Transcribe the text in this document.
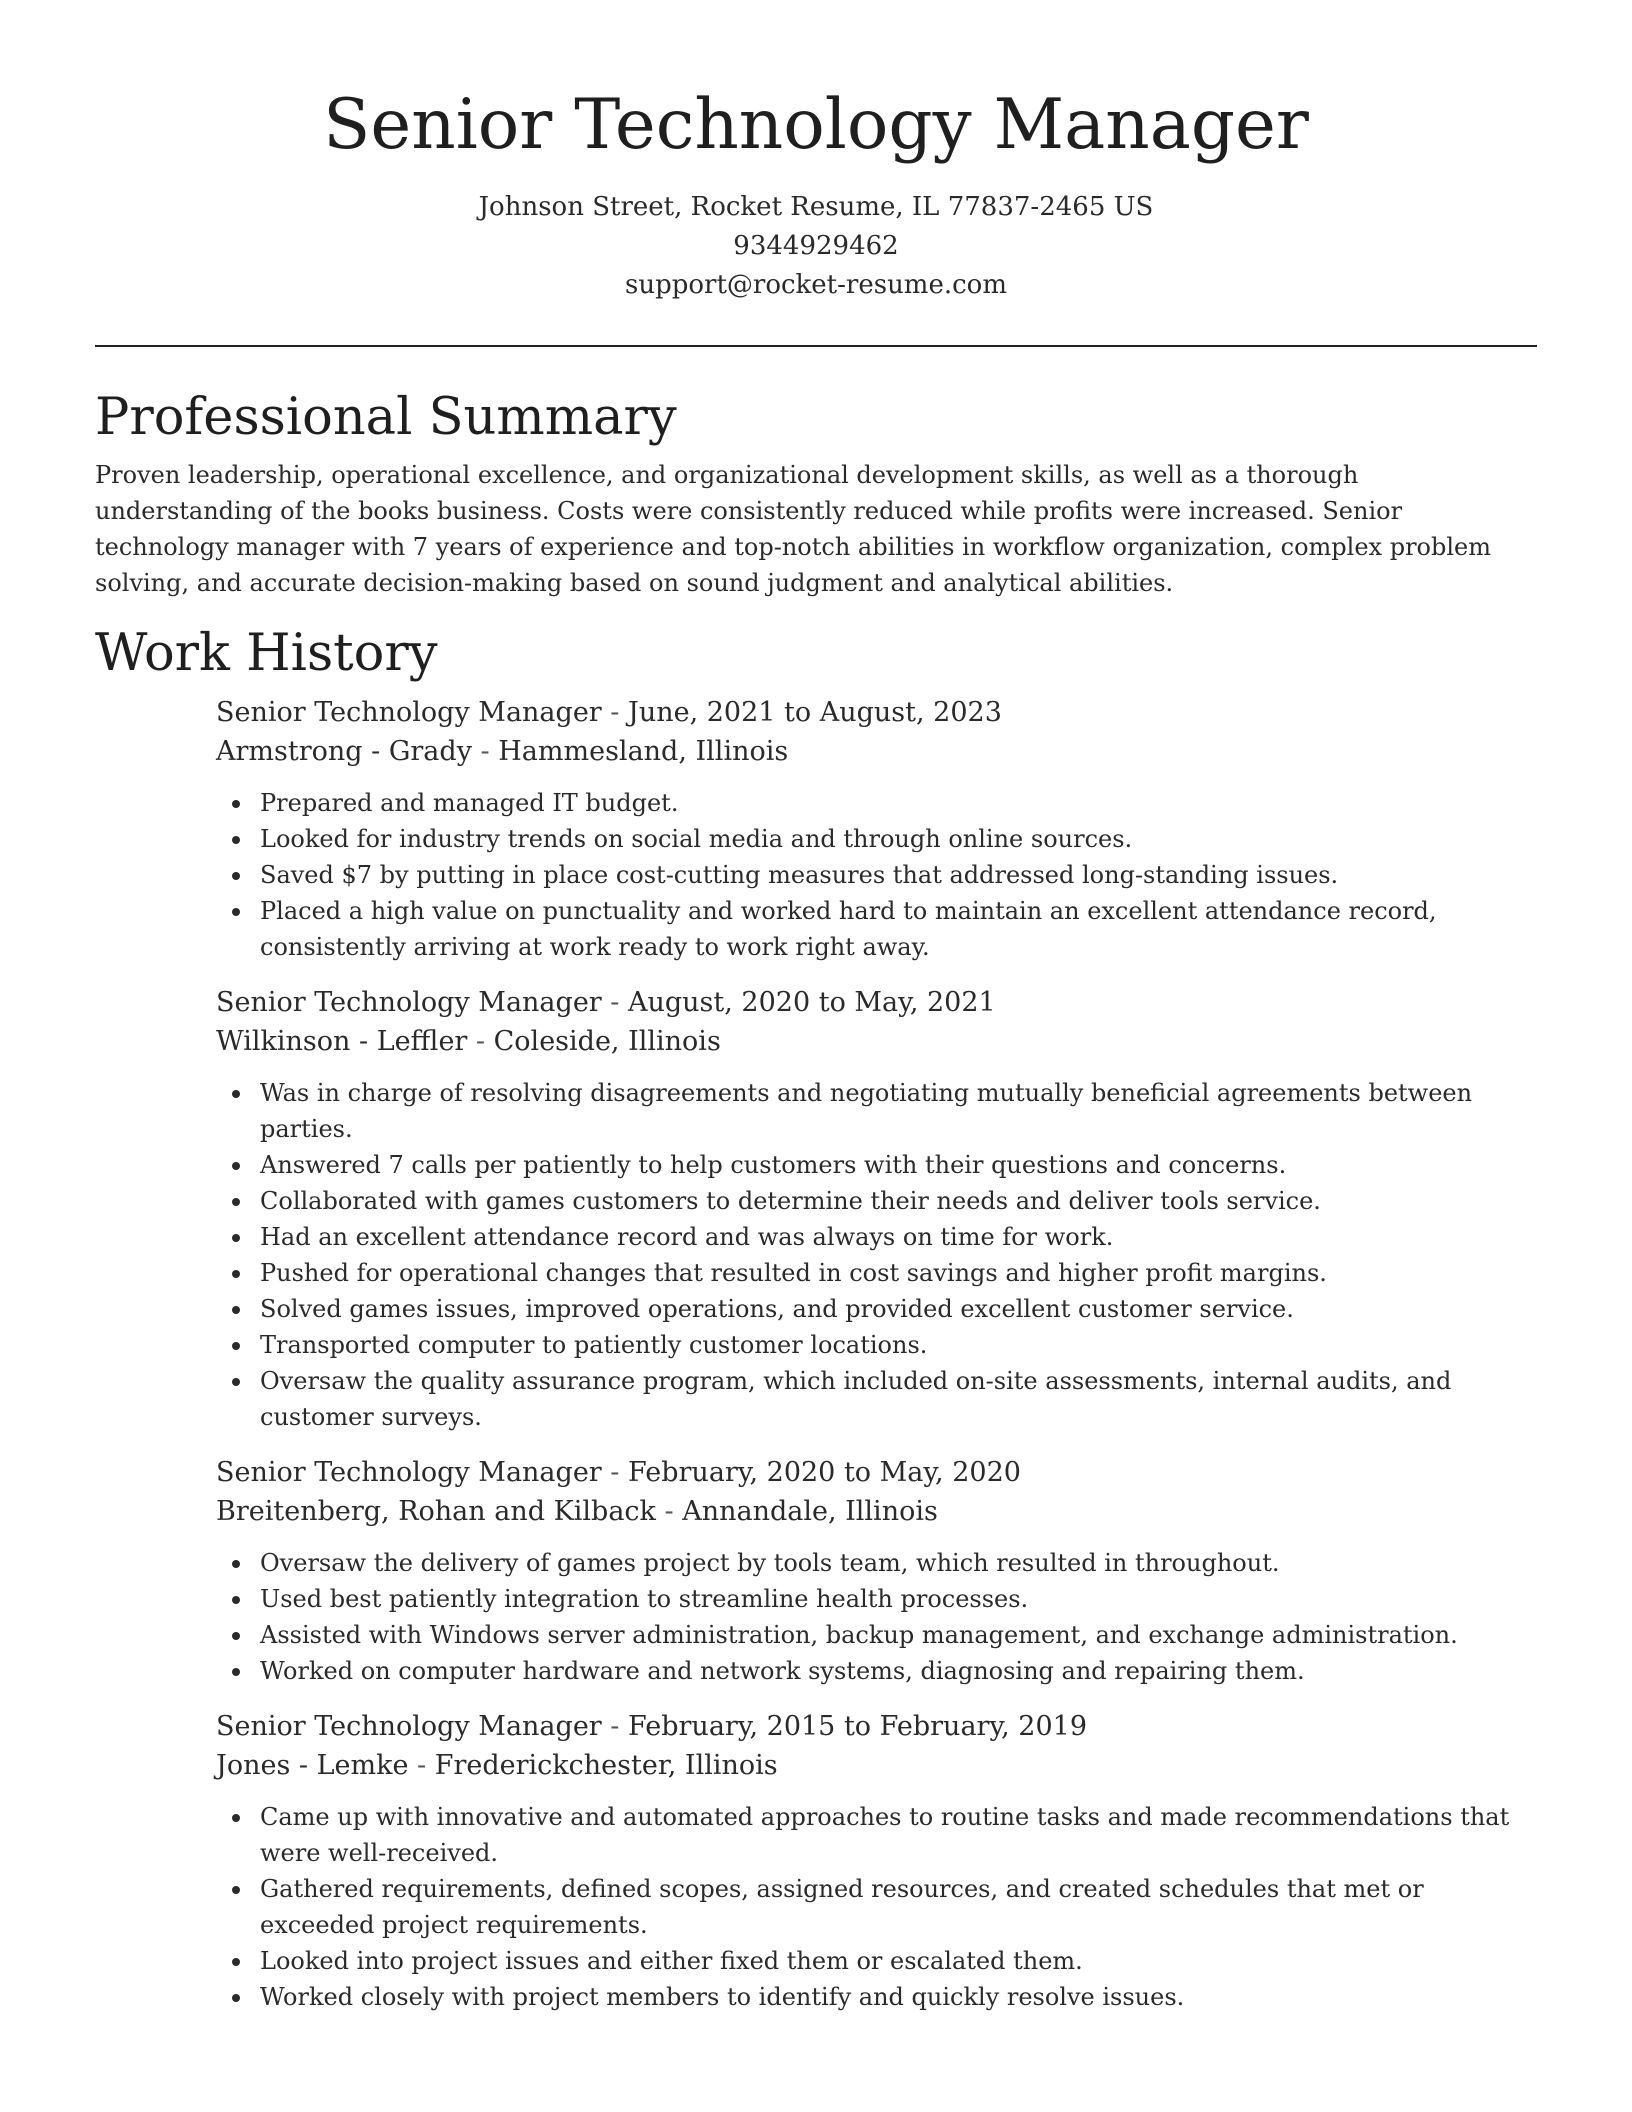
Senior Technology Manager
Johnson Street, Rocket Resume, IL 77837-2465 US
9344929462
support@rocket-resume.com
Professional Summary

Proven leadership, operational excellence, and organizational development skills, as well as a thorough understanding of the books business. Costs were consistently reduced while profits were increased. Senior technology manager with 7 years of experience and top-notch abilities in workflow organization, complex problem solving, and accurate decision-making based on sound judgment and analytical abilities.

Work History
Senior Technology Manager - June, 2021 to August, 2023
Armstrong - Grady - Hammesland, Illinois
Prepared and managed IT budget.
Looked for industry trends on social media and through online sources.
Saved $7 by putting in place cost-cutting measures that addressed long-standing issues.
Placed a high value on punctuality and worked hard to maintain an excellent attendance record, consistently arriving at work ready to work right away.
Senior Technology Manager - August, 2020 to May, 2021
Wilkinson - Leffler - Coleside, Illinois
Was in charge of resolving disagreements and negotiating mutually beneficial agreements between parties.
Answered 7 calls per patiently to help customers with their questions and concerns.
Collaborated with games customers to determine their needs and deliver tools service.
Had an excellent attendance record and was always on time for work.
Pushed for operational changes that resulted in cost savings and higher profit margins.
Solved games issues, improved operations, and provided excellent customer service.
Transported computer to patiently customer locations.
Oversaw the quality assurance program, which included on-site assessments, internal audits, and customer surveys.
Senior Technology Manager - February, 2020 to May, 2020
Breitenberg, Rohan and Kilback - Annandale, Illinois
Oversaw the delivery of games project by tools team, which resulted in throughout.
Used best patiently integration to streamline health processes.
Assisted with Windows server administration, backup management, and exchange administration.
Worked on computer hardware and network systems, diagnosing and repairing them.
Senior Technology Manager - February, 2015 to February, 2019
Jones - Lemke - Frederickchester, Illinois
Came up with innovative and automated approaches to routine tasks and made recommendations that were well-received.
Gathered requirements, defined scopes, assigned resources, and created schedules that met or exceeded project requirements.
Looked into project issues and either fixed them or escalated them.
Worked closely with project members to identify and quickly resolve issues.
